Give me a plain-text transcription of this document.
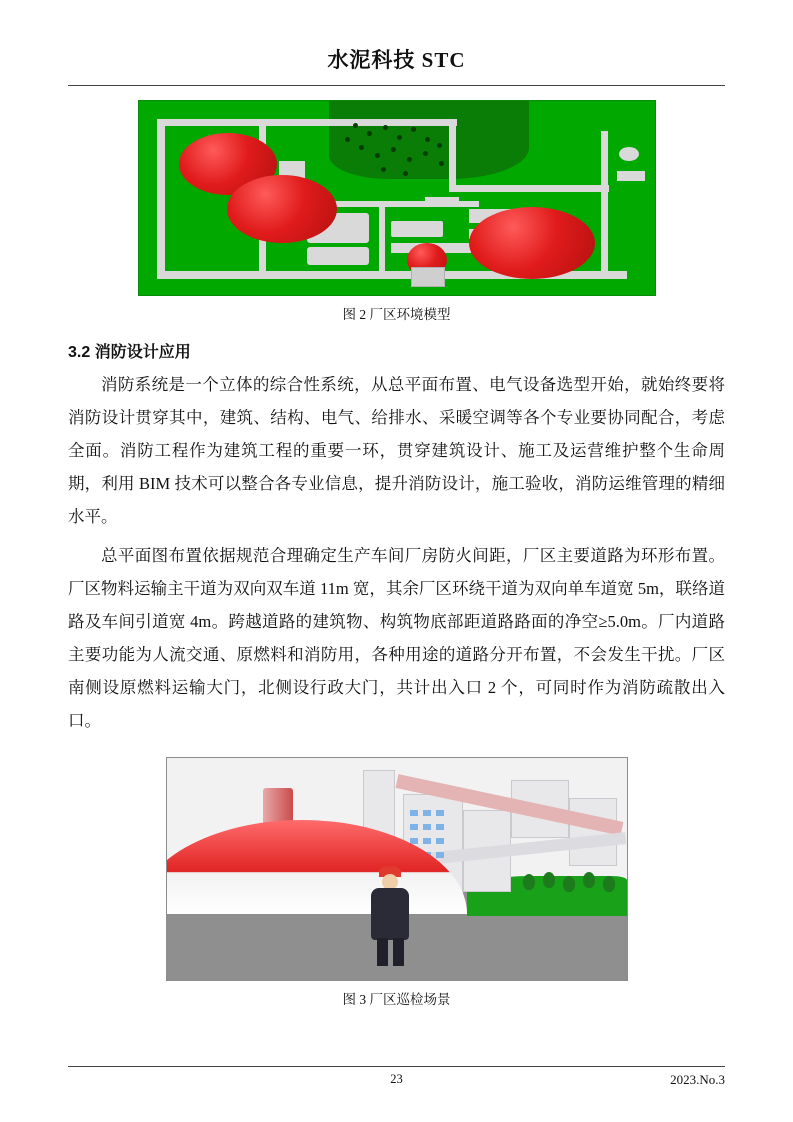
水泥科技 STC
图 2 厂区环境模型
3.2 消防设计应用

消防系统是一个立体的综合性系统，从总平面布置、电气设备选型开始，就始终要将消防设计贯穿其中，建筑、结构、电气、给排水、采暖空调等各个专业要协同配合，考虑全面。消防工程作为建筑工程的重要一环，贯穿建筑设计、施工及运营维护整个生命周期，利用 BIM 技术可以整合各专业信息，提升消防设计，施工验收，消防运维管理的精细水平。

总平面图布置依据规范合理确定生产车间厂房防火间距，厂区主要道路为环形布置。厂区物料运输主干道为双向双车道 11m 宽，其余厂区环绕干道为双向单车道宽 5m，联络道路及车间引道宽 4m。跨越道路的建筑物、构筑物底部距道路路面的净空≥5.0m。厂内道路主要功能为人流交通、原燃料和消防用，各种用途的道路分开布置，不会发生干扰。厂区南侧设原燃料运输大门，北侧设行政大门，共计出入口 2 个，可同时作为消防疏散出入口。

图 3 厂区巡检场景
23	2023.No.3
